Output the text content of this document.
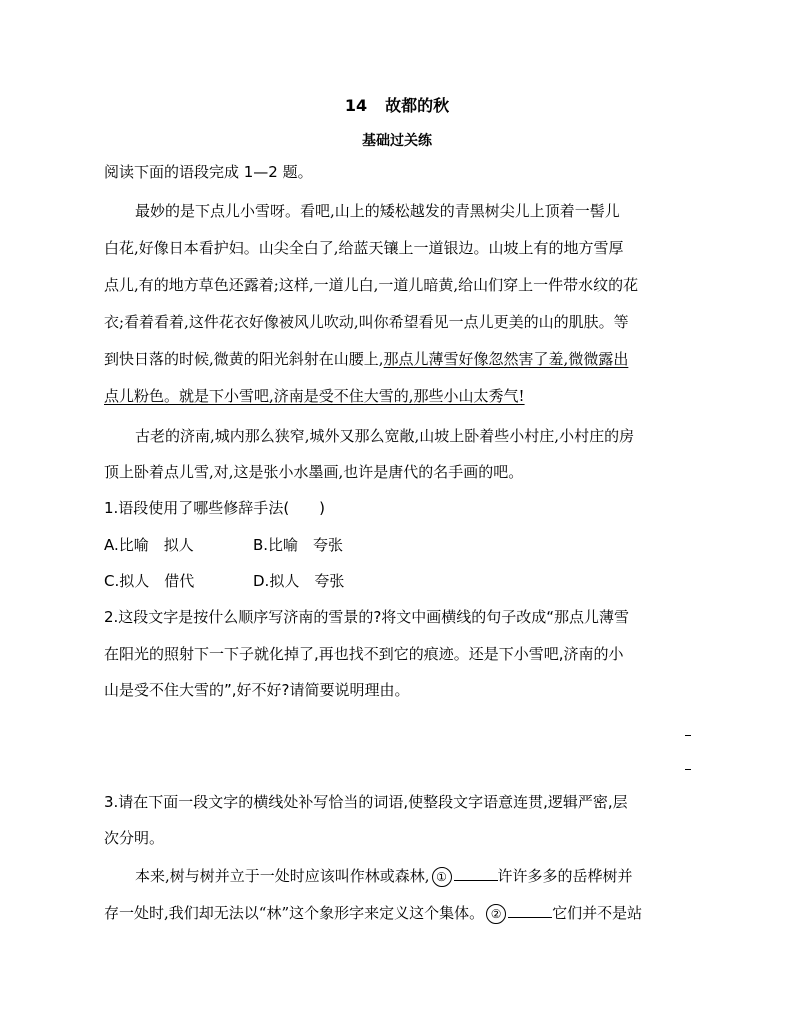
14 故都的秋
基础过关练
阅读下面的语段完成 1—2 题。
最妙的是下点儿小雪呀。看吧,山上的矮松越发的青黑树尖儿上顶着一髻儿
白花,好像日本看护妇。山尖全白了,给蓝天镶上一道银边。山坡上有的地方雪厚
点儿,有的地方草色还露着;这样,一道儿白,一道儿暗黄,给山们穿上一件带水纹的花
衣;看着看着,这件花衣好像被风儿吹动,叫你希望看见一点儿更美的山的肌肤。等
到快日落的时候,微黄的阳光斜射在山腰上,那点儿薄雪好像忽然害了羞,微微露出
点儿粉色。就是下小雪吧,济南是受不住大雪的,那些小山太秀气!
古老的济南,城内那么狭窄,城外又那么宽敞,山坡上卧着些小村庄,小村庄的房
顶上卧着点儿雪,对,这是张小水墨画,也许是唐代的名手画的吧。
1.语段使用了哪些修辞手法(　　)
A.比喻　拟人	B.比喻　夸张
C.拟人　借代	D.拟人　夸张
2.这段文字是按什么顺序写济南的雪景的?将文中画横线的句子改成“那点儿薄雪
在阳光的照射下一下子就化掉了,再也找不到它的痕迹。还是下小雪吧,济南的小
山是受不住大雪的”,好不好?请简要说明理由。
3.请在下面一段文字的横线处补写恰当的词语,使整段文字语意连贯,逻辑严密,层
次分明。
本来,树与树并立于一处时应该叫作林或森林, ①	许许多多的岳桦树并
存一处时,我们却无法以“林”这个象形字来定义这个集体。 ②	它们并不是站
